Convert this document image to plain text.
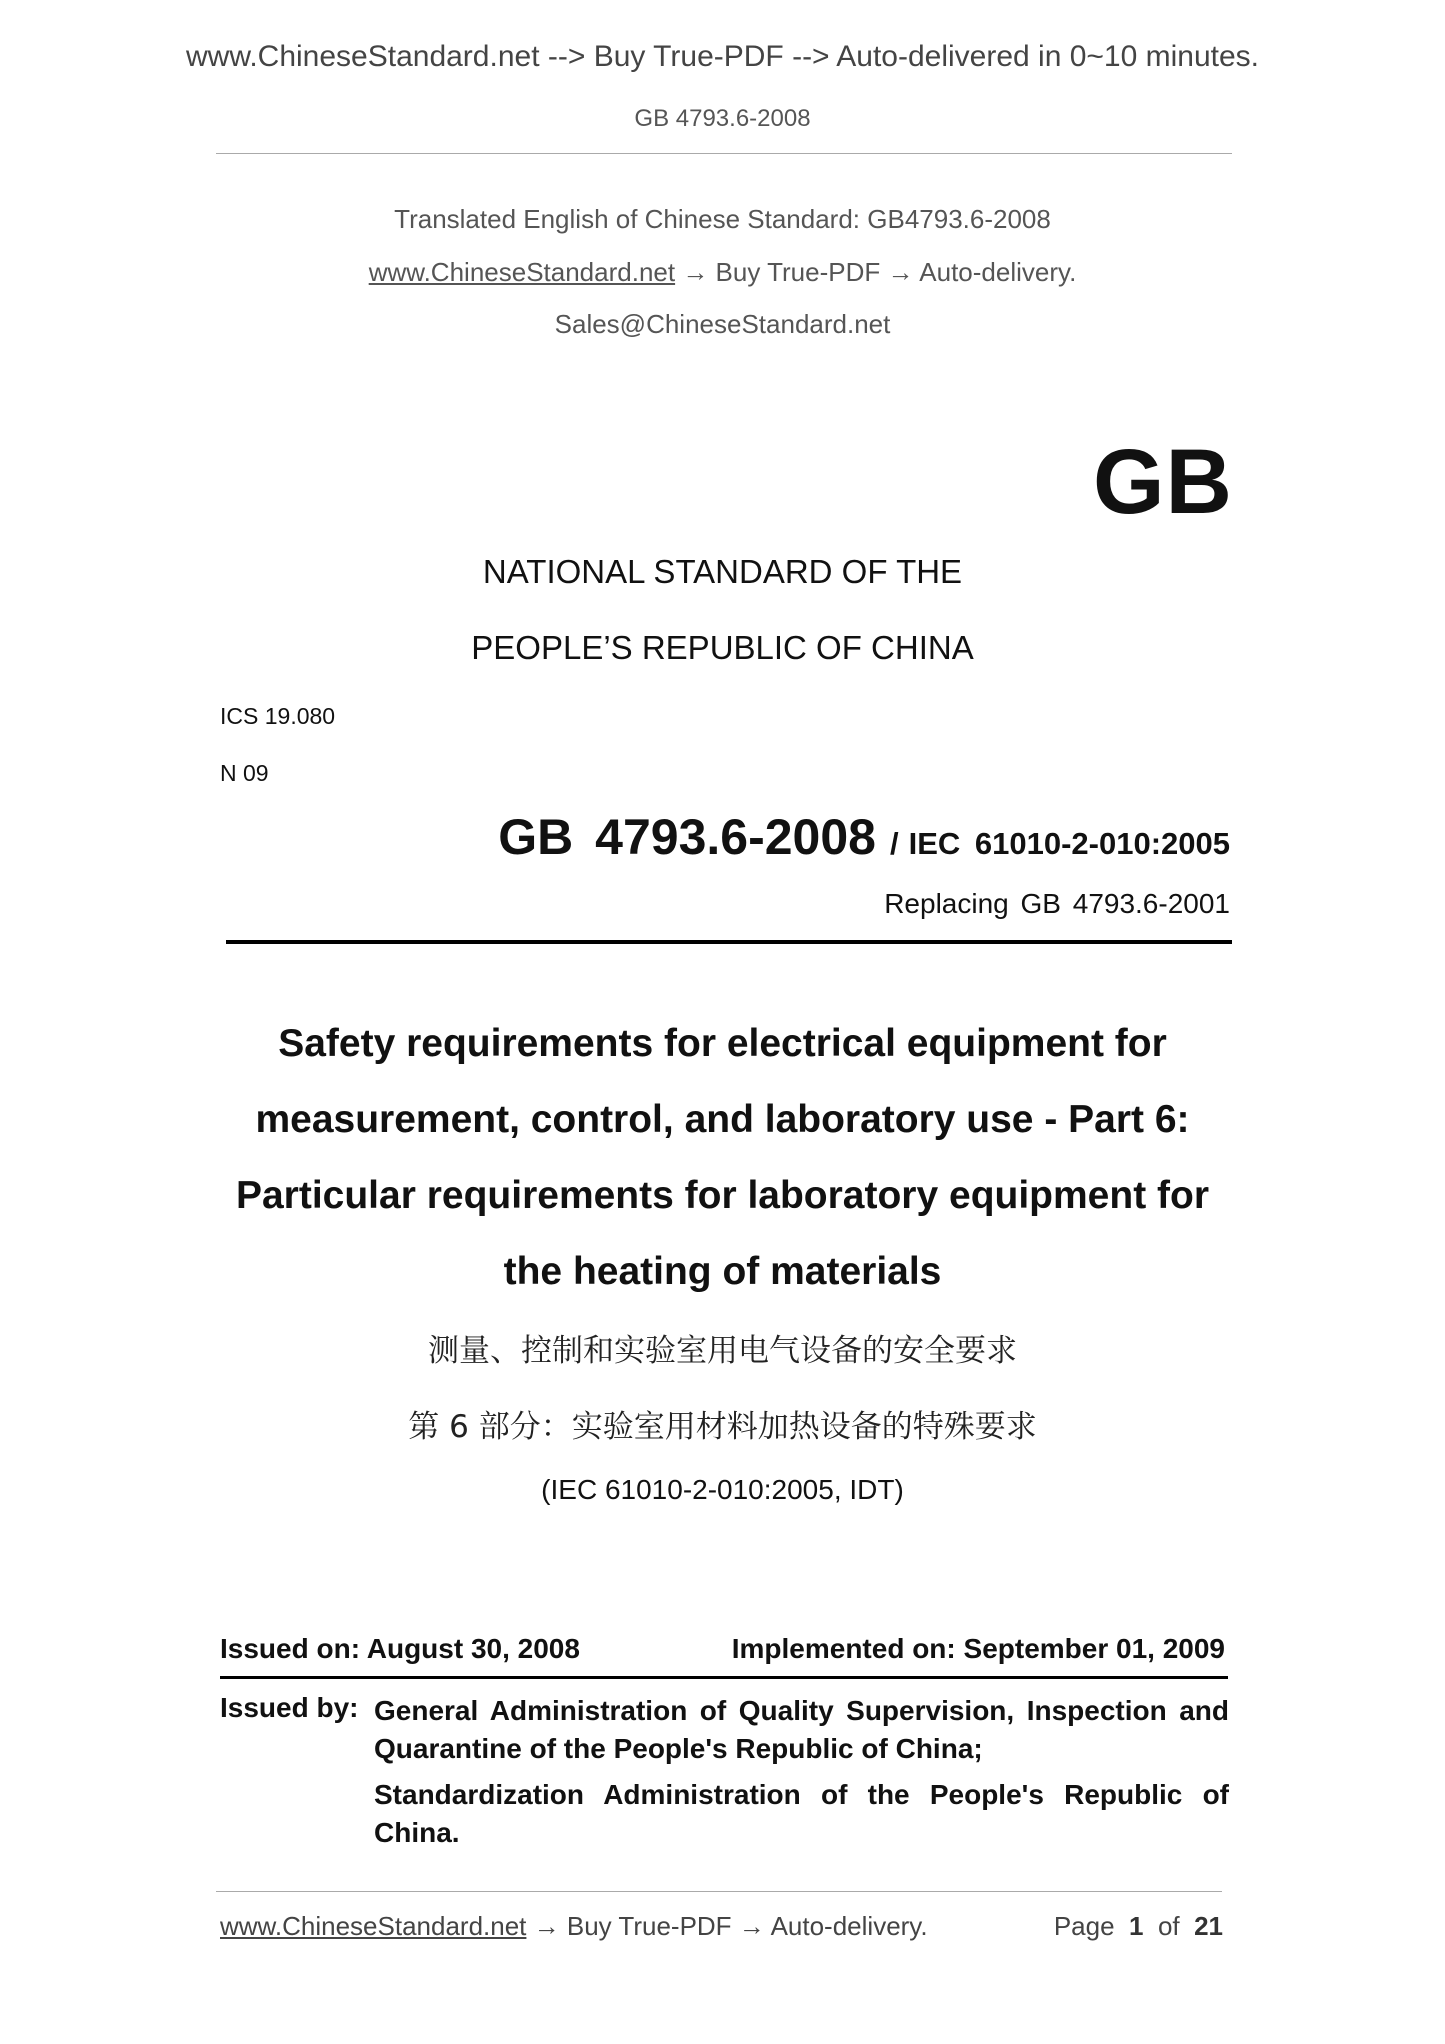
www.ChineseStandard.net --> Buy True-PDF --> Auto-delivered in 0~10 minutes.
GB 4793.6-2008
Translated English of Chinese Standard: GB4793.6-2008
www.ChineseStandard.net → Buy True-PDF → Auto-delivery.
Sales@ChineseStandard.net
GB
NATIONAL STANDARD OF THE
PEOPLE’S REPUBLIC OF CHINA
ICS 19.080
N 09
GB 4793.6-2008 / IEC 61010-2-010:2005
Replacing GB 4793.6-2001
Safety requirements for electrical equipment for
measurement, control, and laboratory use - Part 6:
Particular requirements for laboratory equipment for
the heating of materials
测量、控制和实验室用电气设备的安全要求
第 6 部分：实验室用材料加热设备的特殊要求
(IEC 61010-2-010:2005, IDT)
Issued on: August 30, 2008	Implemented on: September 01, 2009
Issued by: General Administration of Quality Supervision, Inspection and Quarantine of the People's Republic of China;
Standardization Administration of the People's Republic of China.
www.ChineseStandard.net → Buy True-PDF → Auto-delivery.	Page 1 of 21
